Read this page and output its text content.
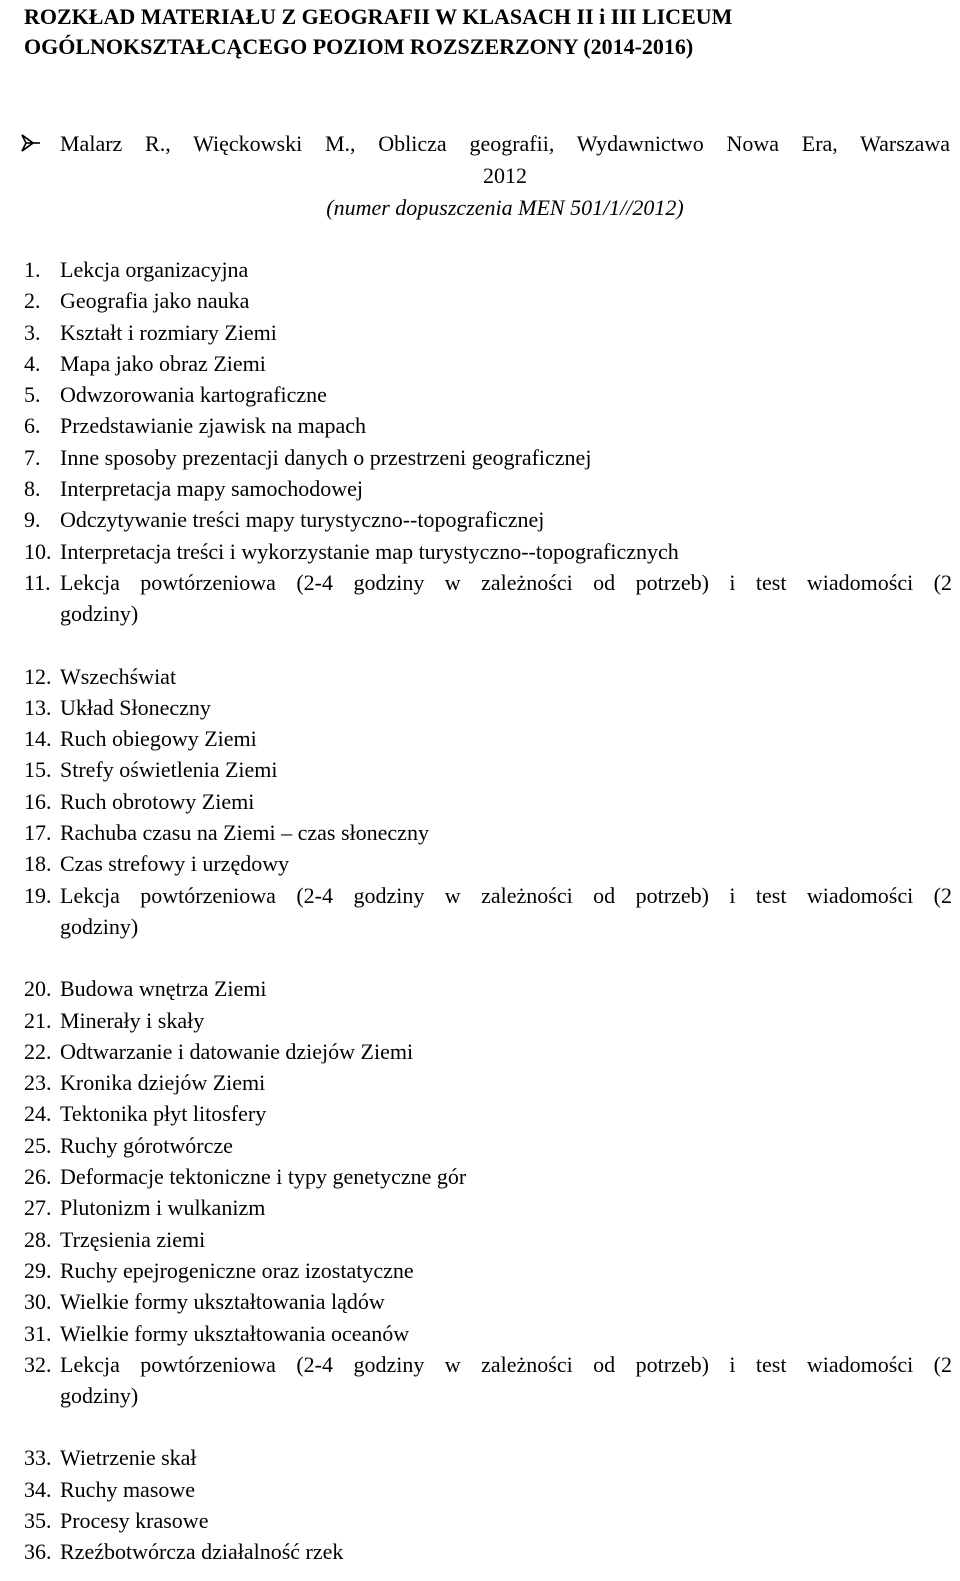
ROZKŁAD MATERIAŁU Z GEOGRAFII W KLASACH II i III LICEUM
OGÓLNOKSZTAŁCĄCEGO POZIOM ROZSZERZONY (2014-2016)
Malarz R., Więckowski M., Oblicza geografii, Wydawnictwo Nowa Era, Warszawa
2012
(numer dopuszczenia MEN 501/1//2012)
1. Lekcja organizacyjna
2. Geografia jako nauka
3. Kształt i rozmiary Ziemi
4. Mapa jako obraz Ziemi
5. Odwzorowania kartograficzne
6. Przedstawianie zjawisk na mapach
7. Inne sposoby prezentacji danych o przestrzeni geograficznej
8. Interpretacja mapy samochodowej
9. Odczytywanie treści mapy turystyczno--topograficznej
10. Interpretacja treści i wykorzystanie map turystyczno--topograficznych
11. Lekcja powtórzeniowa (2-4 godziny w zależności od potrzeb) i test wiadomości (2
godziny)
12. Wszechświat
13. Układ Słoneczny
14. Ruch obiegowy Ziemi
15. Strefy oświetlenia Ziemi
16. Ruch obrotowy Ziemi
17. Rachuba czasu na Ziemi – czas słoneczny
18. Czas strefowy i urzędowy
19. Lekcja powtórzeniowa (2-4 godziny w zależności od potrzeb) i test wiadomości (2
godziny)
20. Budowa wnętrza Ziemi
21. Minerały i skały
22. Odtwarzanie i datowanie dziejów Ziemi
23. Kronika dziejów Ziemi
24. Tektonika płyt litosfery
25. Ruchy górotwórcze
26. Deformacje tektoniczne i typy genetyczne gór
27. Plutonizm i wulkanizm
28. Trzęsienia ziemi
29. Ruchy epejrogeniczne oraz izostatyczne
30. Wielkie formy ukształtowania lądów
31. Wielkie formy ukształtowania oceanów
32. Lekcja powtórzeniowa (2-4 godziny w zależności od potrzeb) i test wiadomości (2
godziny)
33. Wietrzenie skał
34. Ruchy masowe
35. Procesy krasowe
36. Rzeźbotwórcza działalność rzek
